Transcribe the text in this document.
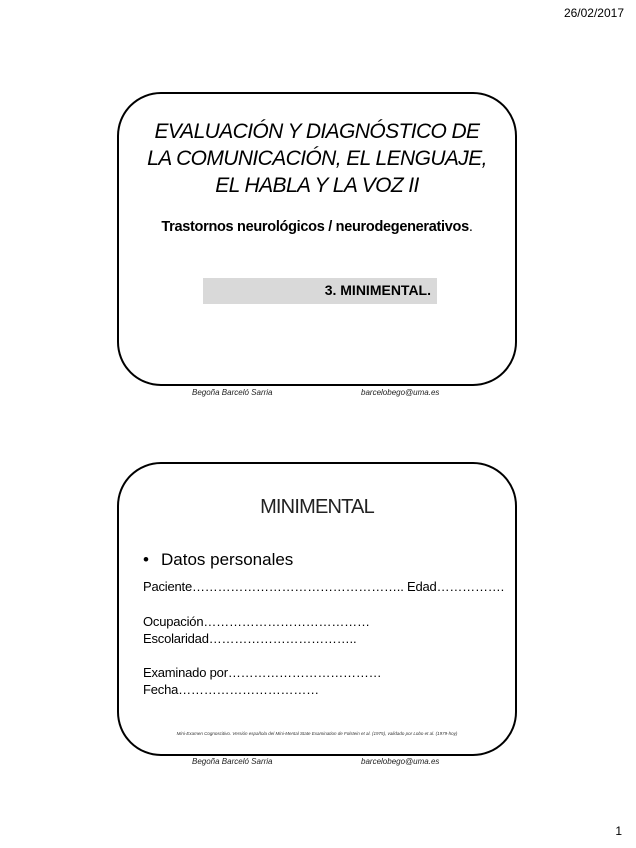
26/02/2017
EVALUACIÓN Y DIAGNÓSTICO DE
LA COMUNICACIÓN, EL LENGUAJE,
EL HABLA Y LA VOZ II
Trastornos neurológicos / neurodegenerativos.
3. MINIMENTAL.
Begoña Barceló Sarria	barcelobego@uma.es
MINIMENTAL
• Datos personales
Paciente………………………………………….. Edad…………….
Ocupación…………………………………
Escolaridad……………………………..
Examinado por………………………………
Fecha……………………………
Mini-Examen Cognoscitivo. Versión española del Mini-Mental State Examination de Folstein et al. (1975), validado por Lobo et al. (1979-hoy)
Begoña Barceló Sarria	barcelobego@uma.es
1
